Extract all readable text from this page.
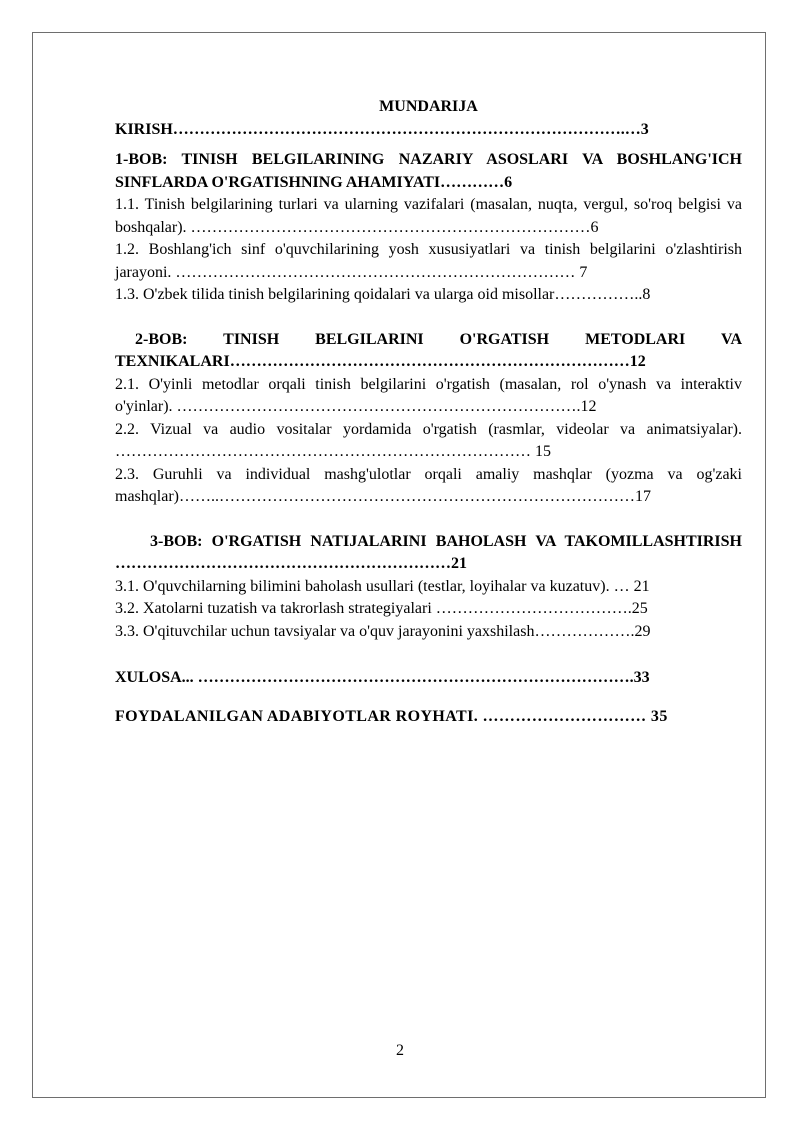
MUNDARIJA

KIRISH………………………………………………………………………….…3

1-BOB: TINISH BELGILARINING NAZARIY ASOSLARI VA BOSHLANG'ICH SINFLARDA O'RGATISHNING AHAMIYATI…………6

1.1. Tinish belgilarining turlari va ularning vazifalari (masalan, nuqta, vergul, so'roq belgisi va boshqalar). …………………………………………………………………6

1.2. Boshlang'ich sinf o'quvchilarining yosh xususiyatlari va tinish belgilarini o'zlashtirish jarayoni. ………………………………………………………………… 7

1.3. O'zbek tilida tinish belgilarining qoidalari va ularga oid misollar……………..8

2-BOB: TINISH BELGILARINI O'RGATISH METODLARI VA TEXNIKALARI…………………………………………………………………12

2.1. O'yinli metodlar orqali tinish belgilarini o'rgatish (masalan, rol o'ynash va interaktiv o'yinlar). ………………………………………………………………….12

2.2. Vizual va audio vositalar yordamida o'rgatish (rasmlar, videolar va animatsiyalar). …………………………………………………………………… 15

2.3. Guruhli va individual mashg'ulotlar orqali amaliy mashqlar (yozma va og'zaki mashqlar)……..……………………………………………………………………17

3-BOB: O'RGATISH NATIJALARINI BAHOLASH VA TAKOMILLASHTIRISH ………………………………………………………21

3.1. O'quvchilarning bilimini baholash usullari (testlar, loyihalar va kuzatuv). … 21

3.2. Xatolarni tuzatish va takrorlash strategiyalari ……………………………….25

3.3. O'qituvchilar uchun tavsiyalar va o'quv jarayonini yaxshilash……………….29

XULOSA... ……………………………………………………………………….33

FOYDALANILGAN ADABIYOTLAR ROYHATI. ………………………… 35

2
